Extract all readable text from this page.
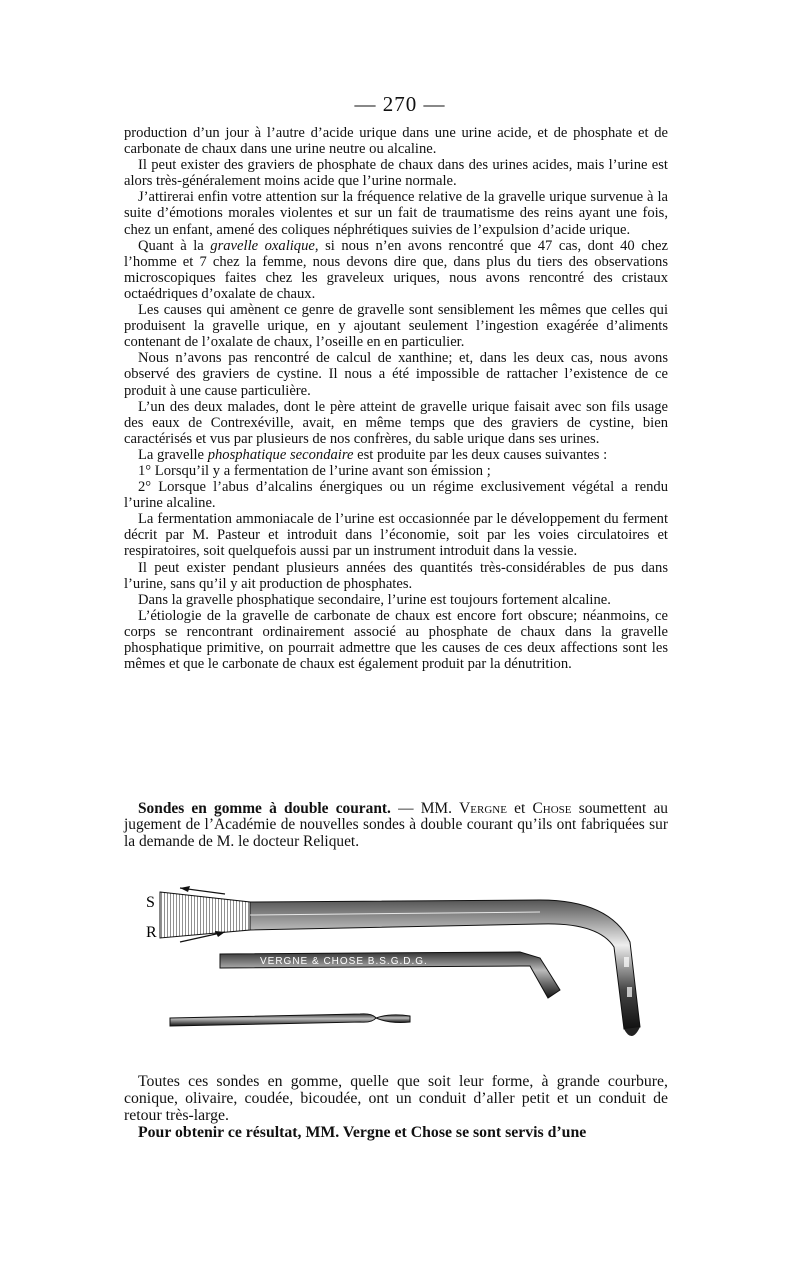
— 270 —

production d’un jour à l’autre d’acide urique dans une urine acide, et de phosphate et de carbonate de chaux dans une urine neutre ou alcaline.

Il peut exister des graviers de phosphate de chaux dans des urines acides, mais l’urine est alors très-généralement moins acide que l’urine normale.

J’attirerai enfin votre attention sur la fréquence relative de la gravelle urique survenue à la suite d’émotions morales violentes et sur un fait de traumatisme des reins ayant une fois, chez un enfant, amené des coliques néphrétiques suivies de l’expulsion d’acide urique.

Quant à la gravelle oxalique, si nous n’en avons rencontré que 47 cas, dont 40 chez l’homme et 7 chez la femme, nous devons dire que, dans plus du tiers des observations microscopiques faites chez les graveleux uriques, nous avons rencontré des cristaux octaédriques d’oxalate de chaux.

Les causes qui amènent ce genre de gravelle sont sensiblement les mêmes que celles qui produisent la gravelle urique, en y ajoutant seulement l’ingestion exagérée d’aliments contenant de l’oxalate de chaux, l’oseille en en particulier.

Nous n’avons pas rencontré de calcul de xanthine; et, dans les deux cas, nous avons observé des graviers de cystine. Il nous a été impossible de rattacher l’existence de ce produit à une cause particulière.

L’un des deux malades, dont le père atteint de gravelle urique faisait avec son fils usage des eaux de Contrexéville, avait, en même temps que des graviers de cystine, bien caractérisés et vus par plusieurs de nos confrères, du sable urique dans ses urines.

La gravelle phosphatique secondaire est produite par les deux causes suivantes :

1° Lorsqu’il y a fermentation de l’urine avant son émission ;

2° Lorsque l’abus d’alcalins énergiques ou un régime exclusivement végétal a rendu l’urine alcaline.

La fermentation ammoniacale de l’urine est occasionnée par le développement du ferment décrit par M. Pasteur et introduit dans l’économie, soit par les voies circulatoires et respiratoires, soit quelquefois aussi par un instrument introduit dans la vessie.

Il peut exister pendant plusieurs années des quantités très-considérables de pus dans l’urine, sans qu’il y ait production de phosphates.

Dans la gravelle phosphatique secondaire, l’urine est toujours fortement alcaline.

L’étiologie de la gravelle de carbonate de chaux est encore fort obscure; néanmoins, ce corps se rencontrant ordinairement associé au phosphate de chaux dans la gravelle phosphatique primitive, on pourrait admettre que les causes de ces deux affections sont les mêmes et que le carbonate de chaux est également produit par la dénutrition.

Sondes en gomme à double courant. — MM. Vergne et Chose soumettent au jugement de l’Académie de nouvelles sondes à double courant qu’ils ont fabriquées sur la demande de M. le docteur Reliquet.

S
R
VERGNE & CHOSE B.S.G.D.G.

Toutes ces sondes en gomme, quelle que soit leur forme, à grande courbure, conique, olivaire, coudée, bicoudée, ont un conduit d’aller petit et un conduit de retour très-large.

Pour obtenir ce résultat, MM. Vergne et Chose se sont servis d’une
